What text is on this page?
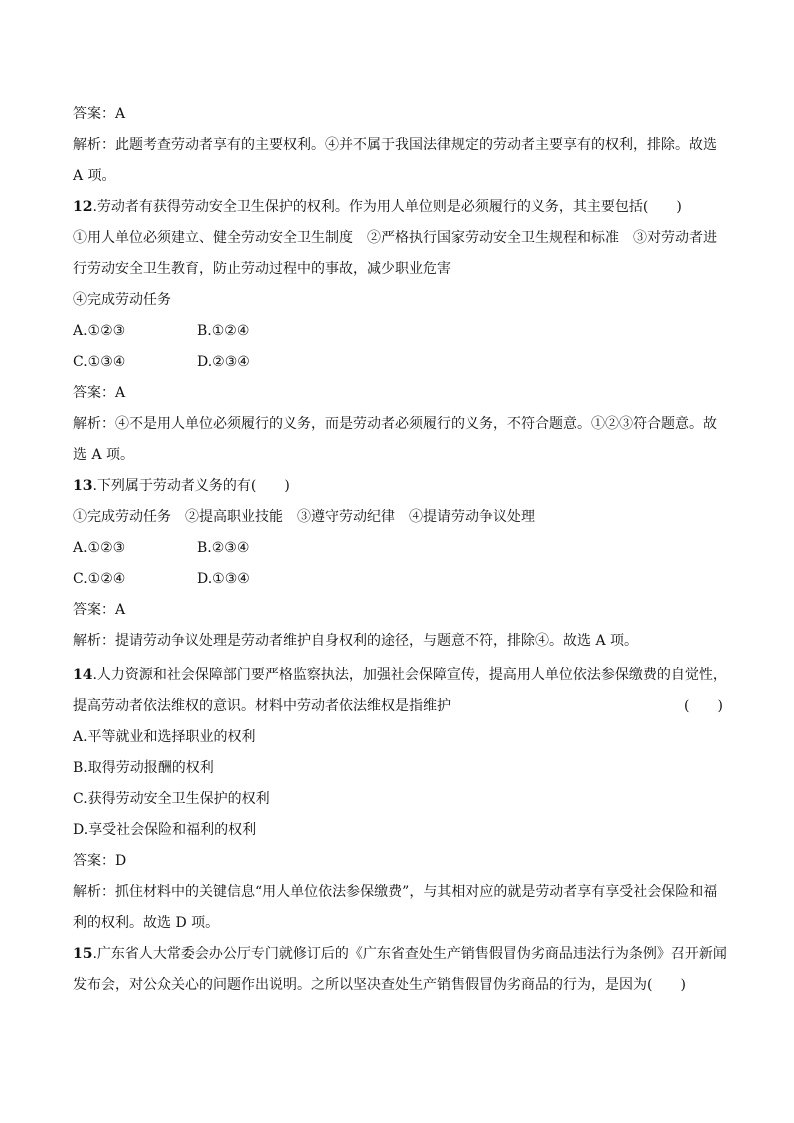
答案：A
解析：此题考查劳动者享有的主要权利。④并不属于我国法律规定的劳动者主要享有的权利，排除。故选
A 项。
12.劳动者有获得劳动安全卫生保护的权利。作为用人单位则是必须履行的义务，其主要包括(　　)
①用人单位必须建立、健全劳动安全卫生制度　②严格执行国家劳动安全卫生规程和标准　③对劳动者进
行劳动安全卫生教育，防止劳动过程中的事故，减少职业危害
④完成劳动任务
A.①②③	B.①②④
C.①③④	D.②③④
答案：A
解析：④不是用人单位必须履行的义务，而是劳动者必须履行的义务，不符合题意。①②③符合题意。故
选 A 项。
13.下列属于劳动者义务的有(　　)
①完成劳动任务　②提高职业技能　③遵守劳动纪律　④提请劳动争议处理
A.①②③	B.②③④
C.①②④	D.①③④
答案：A
解析：提请劳动争议处理是劳动者维护自身权利的途径，与题意不符，排除④。故选 A 项。
14.人力资源和社会保障部门要严格监察执法，加强社会保障宣传，提高用人单位依法参保缴费的自觉性，
提高劳动者依法维权的意识。材料中劳动者依法维权是指维护	(　　)
A.平等就业和选择职业的权利
B.取得劳动报酬的权利
C.获得劳动安全卫生保护的权利
D.享受社会保险和福利的权利
答案：D
解析：抓住材料中的关键信息“用人单位依法参保缴费”，与其相对应的就是劳动者享有享受社会保险和福
利的权利。故选 D 项。
15.广东省人大常委会办公厅专门就修订后的《广东省查处生产销售假冒伪劣商品违法行为条例》召开新闻
发布会，对公众关心的问题作出说明。之所以坚决查处生产销售假冒伪劣商品的行为，是因为(　　)
